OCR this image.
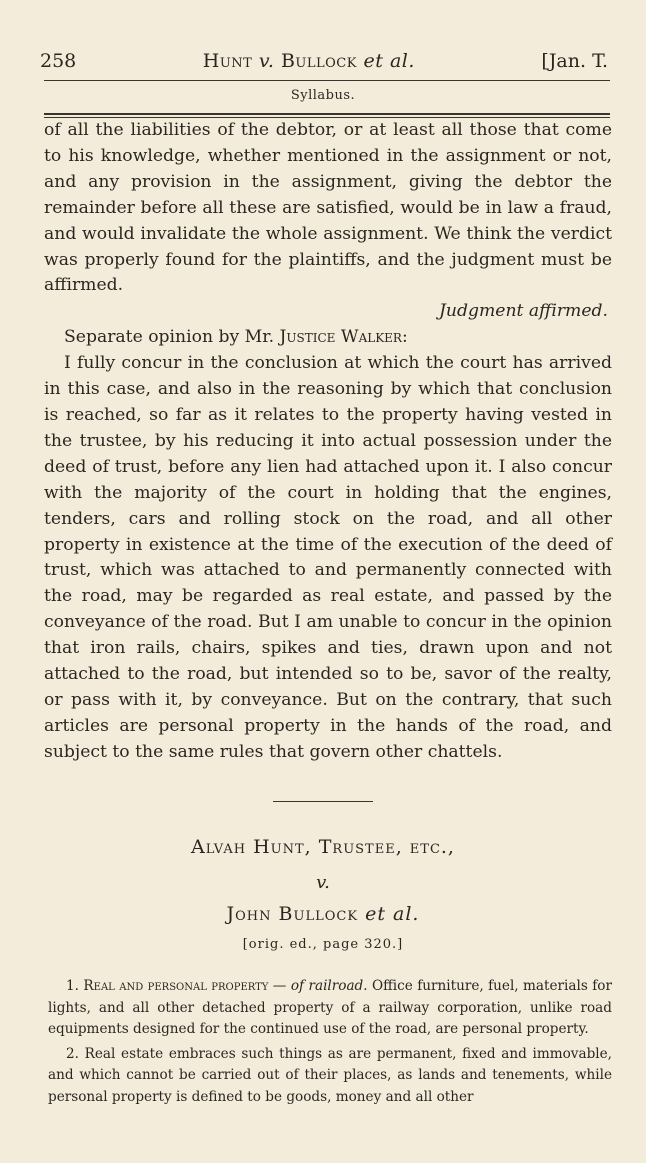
258	Hunt v. Bullock et al.	[Jan. T.
Syllabus.

of all the liabilities of the debtor, or at least all those that come to his knowledge, whether mentioned in the assignment or not, and any provision in the assignment, giving the debtor the remainder before all these are satisfied, would be in law a fraud, and would invalidate the whole assignment. We think the verdict was properly found for the plaintiffs, and the judgment must be affirmed.

Judgment affirmed.

Separate opinion by Mr. Justice Walker:

I fully concur in the conclusion at which the court has arrived in this case, and also in the reasoning by which that conclusion is reached, so far as it relates to the property having vested in the trustee, by his reducing it into actual possession under the deed of trust, before any lien had attached upon it. I also concur with the majority of the court in holding that the engines, tenders, cars and rolling stock on the road, and all other property in existence at the time of the execution of the deed of trust, which was attached to and permanently connected with the road, may be regarded as real estate, and passed by the conveyance of the road. But I am unable to concur in the opinion that iron rails, chairs, spikes and ties, drawn upon and not attached to the road, but intended so to be, savor of the realty, or pass with it, by conveyance. But on the contrary, that such articles are personal property in the hands of the road, and subject to the same rules that govern other chattels.

Alvah Hunt, Trustee, etc.,
v.
John Bullock et al.
[orig. ed., page 320.]

1. Real and personal property — of railroad. Office furniture, fuel, materials for lights, and all other detached property of a railway corporation, unlike road equipments designed for the continued use of the road, are personal property.

2. Real estate embraces such things as are permanent, fixed and immovable, and which cannot be carried out of their places, as lands and tenements, while personal property is defined to be goods, money and all other
